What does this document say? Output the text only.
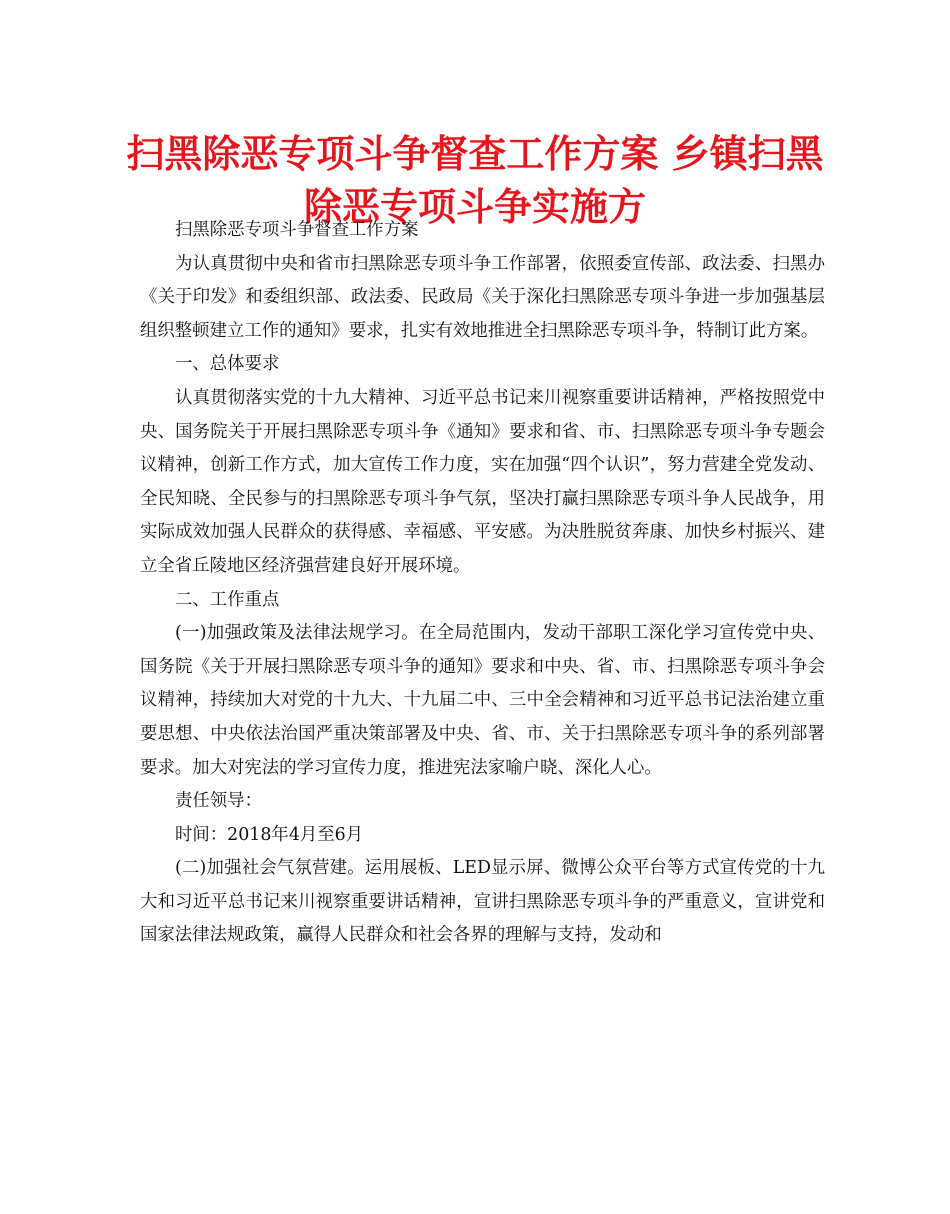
扫黑除恶专项斗争督查工作方案 乡镇扫黑除恶专项斗争实施方

扫黑除恶专项斗争督查工作方案

为认真贯彻中央和省市扫黑除恶专项斗争工作部署，依照委宣传部、政法委、扫黑办《关于印发》和委组织部、政法委、民政局《关于深化扫黑除恶专项斗争进一步加强基层组织整顿建立工作的通知》要求，扎实有效地推进全扫黑除恶专项斗争，特制订此方案。

一、总体要求

认真贯彻落实党的十九大精神、习近平总书记来川视察重要讲话精神，严格按照党中央、国务院关于开展扫黑除恶专项斗争《通知》要求和省、市、扫黑除恶专项斗争专题会议精神，创新工作方式，加大宣传工作力度，实在加强“四个认识”，努力营建全党发动、全民知晓、全民参与的扫黑除恶专项斗争气氛，坚决打赢扫黑除恶专项斗争人民战争，用实际成效加强人民群众的获得感、幸福感、平安感。为决胜脱贫奔康、加快乡村振兴、建立全省丘陵地区经济强营建良好开展环境。

二、工作重点

(一)加强政策及法律法规学习。在全局范围内，发动干部职工深化学习宣传党中央、国务院《关于开展扫黑除恶专项斗争的通知》要求和中央、省、市、扫黑除恶专项斗争会议精神，持续加大对党的十九大、十九届二中、三中全会精神和习近平总书记法治建立重要思想、中央依法治国严重决策部署及中央、省、市、关于扫黑除恶专项斗争的系列部署要求。加大对宪法的学习宣传力度，推进宪法家喻户晓、深化人心。

责任领导：

时间：2018年4月至6月

(二)加强社会气氛营建。运用展板、LED显示屏、微博公众平台等方式宣传党的十九大和习近平总书记来川视察重要讲话精神，宣讲扫黑除恶专项斗争的严重意义，宣讲党和国家法律法规政策，赢得人民群众和社会各界的理解与支持，发动和
